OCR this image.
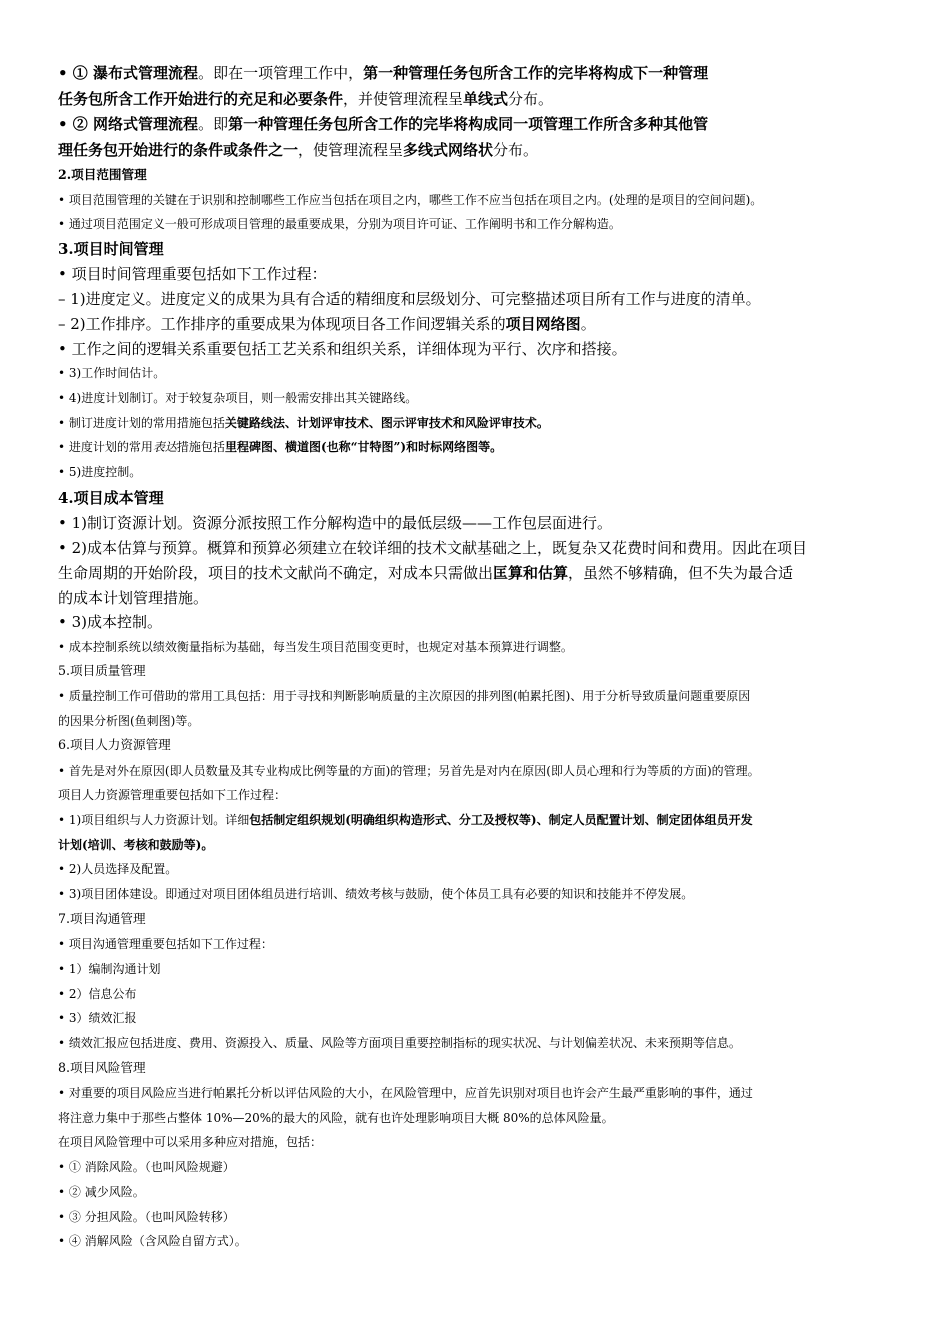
• ① 瀑布式管理流程。即在一项管理工作中，第一种管理任务包所含工作的完毕将构成下一种管理
任务包所含工作开始进行的充足和必要条件，并使管理流程呈单线式分布。
• ② 网络式管理流程。即第一种管理任务包所含工作的完毕将构成同一项管理工作所含多种其他管
理任务包开始进行的条件或条件之一，使管理流程呈多线式网络状分布。
2.项目范围管理
• 项目范围管理的关键在于识别和控制哪些工作应当包括在项目之内，哪些工作不应当包括在项目之内。(处理的是项目的空间问题)。
• 通过项目范围定义一般可形成项目管理的最重要成果，分别为项目许可证、工作阐明书和工作分解构造。
3.项目时间管理
• 项目时间管理重要包括如下工作过程：
– 1)进度定义。进度定义的成果为具有合适的精细度和层级划分、可完整描述项目所有工作与进度的清单。
– 2)工作排序。工作排序的重要成果为体现项目各工作间逻辑关系的项目网络图。
• 工作之间的逻辑关系重要包括工艺关系和组织关系，详细体现为平行、次序和搭接。
• 3)工作时间估计。
• 4)进度计划制订。对于较复杂项目，则一般需安排出其关键路线。
• 制订进度计划的常用措施包括关键路线法、计划评审技术、图示评审技术和风险评审技术。
• 进度计划的常用表达措施包括里程碑图、横道图(也称“甘特图”)和时标网络图等。
• 5)进度控制。
4.项目成本管理
• 1)制订资源计划。资源分派按照工作分解构造中的最低层级——工作包层面进行。
• 2)成本估算与预算。概算和预算必须建立在较详细的技术文献基础之上，既复杂又花费时间和费用。因此在项目
生命周期的开始阶段，项目的技术文献尚不确定，对成本只需做出匡算和估算，虽然不够精确，但不失为最合适
的成本计划管理措施。
• 3)成本控制。
• 成本控制系统以绩效衡量指标为基础，每当发生项目范围变更时，也规定对基本预算进行调整。
5.项目质量管理
• 质量控制工作可借助的常用工具包括：用于寻找和判断影响质量的主次原因的排列图(帕累托图)、用于分析导致质量问题重要原因
的因果分析图(鱼刺图)等。
6.项目人力资源管理
• 首先是对外在原因(即人员数量及其专业构成比例等量的方面)的管理；另首先是对内在原因(即人员心理和行为等质的方面)的管理。
项目人力资源管理重要包括如下工作过程：
• 1)项目组织与人力资源计划。详细包括制定组织规划(明确组织构造形式、分工及授权等)、制定人员配置计划、制定团体组员开发
计划(培训、考核和鼓励等)。
• 2)人员选择及配置。
• 3)项目团体建设。即通过对项目团体组员进行培训、绩效考核与鼓励，使个体员工具有必要的知识和技能并不停发展。
7.项目沟通管理
• 项目沟通管理重要包括如下工作过程：
• 1）编制沟通计划
• 2）信息公布
• 3）绩效汇报
• 绩效汇报应包括进度、费用、资源投入、质量、风险等方面项目重要控制指标的现实状况、与计划偏差状况、未来预期等信息。
8.项目风险管理
• 对重要的项目风险应当进行帕累托分析以评估风险的大小，在风险管理中，应首先识别对项目也许会产生最严重影响的事件，通过
将注意力集中于那些占整体 10%—20%的最大的风险，就有也许处理影响项目大概 80%的总体风险量。
在项目风险管理中可以采用多种应对措施，包括：
• ① 消除风险。（也叫风险规避）
• ② 减少风险。
• ③ 分担风险。（也叫风险转移）
• ④ 消解风险（含风险自留方式）。
